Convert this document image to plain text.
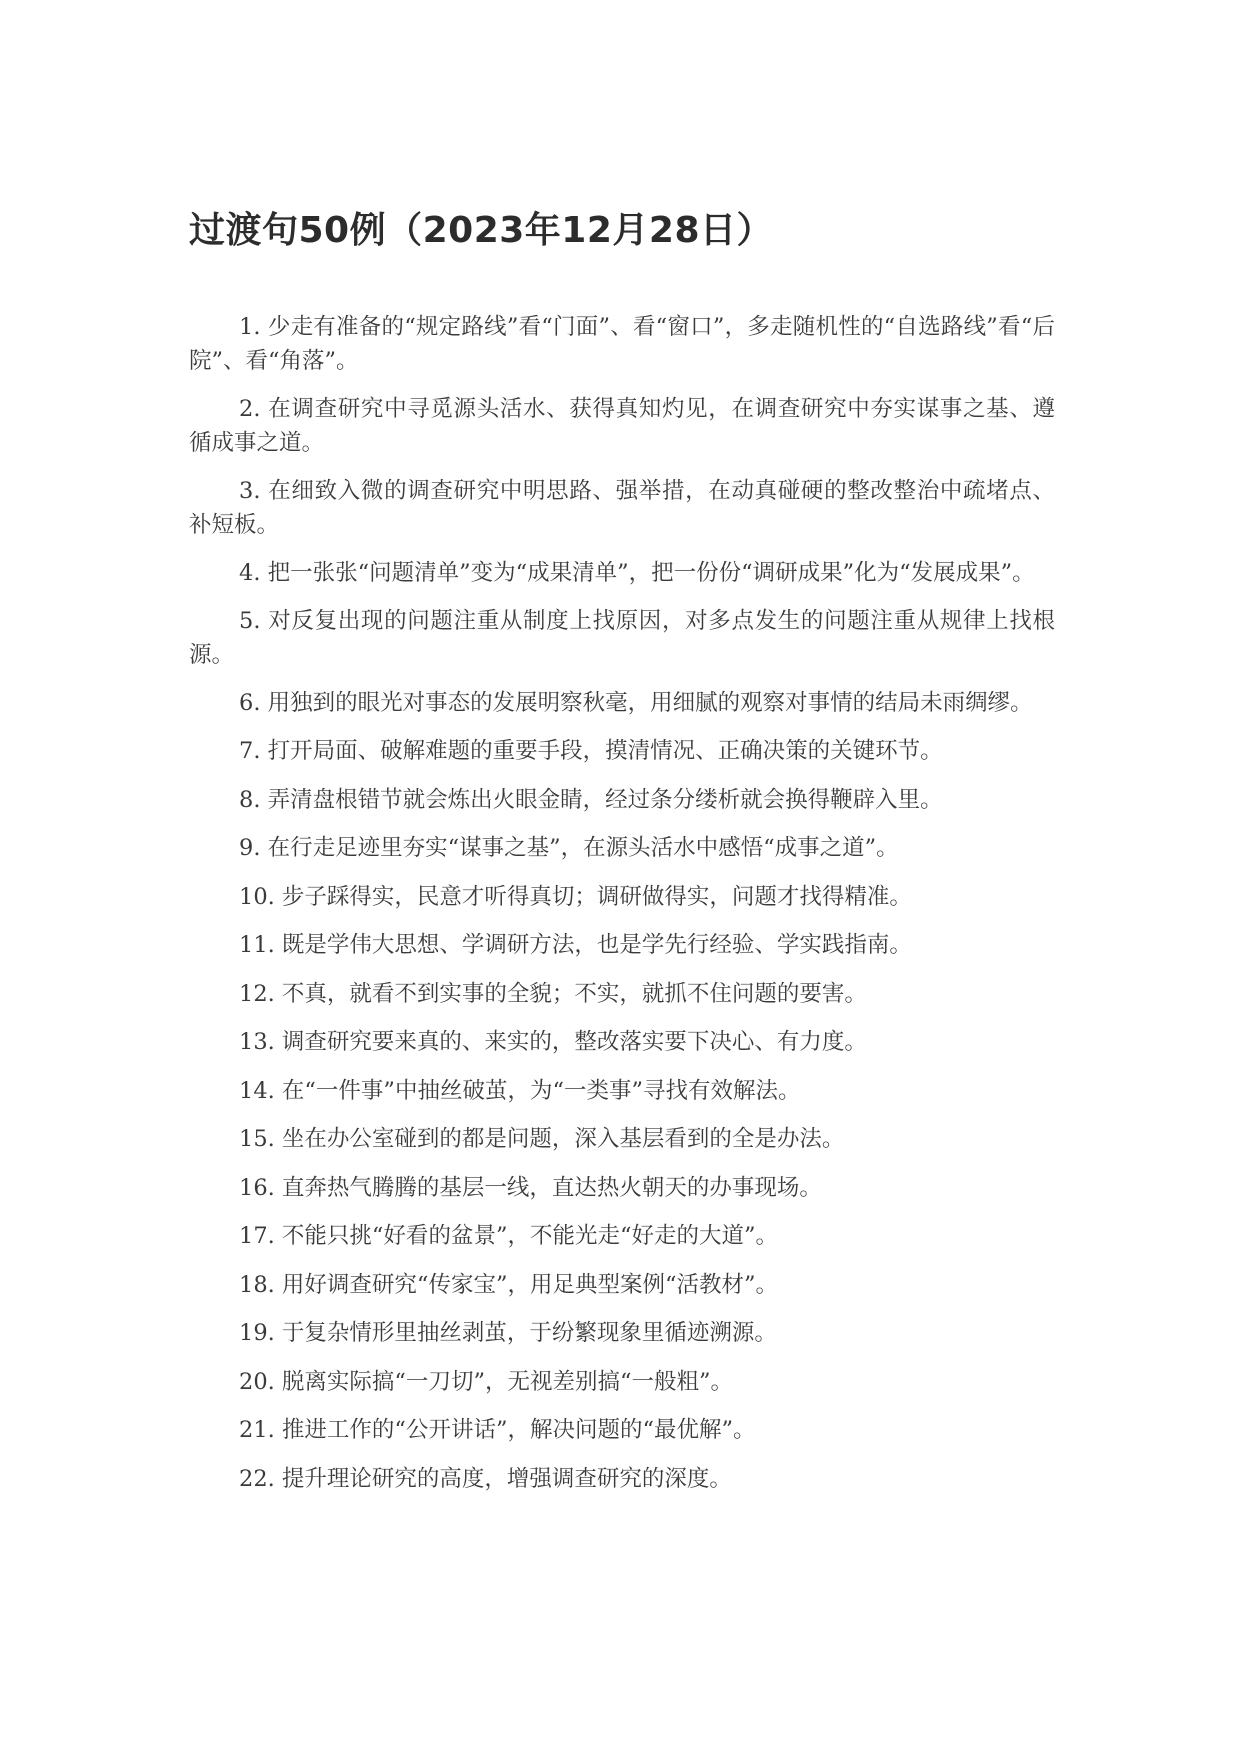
过渡句50例（2023年12月28日）
1. 少走有准备的“规定路线”看“门面”、看“窗口”，多走随机性的“自选路线”看“后院”、看“角落”。
2. 在调查研究中寻觅源头活水、获得真知灼见，在调查研究中夯实谋事之基、遵循成事之道。
3. 在细致入微的调查研究中明思路、强举措，在动真碰硬的整改整治中疏堵点、补短板。
4. 把一张张“问题清单”变为“成果清单”，把一份份“调研成果”化为“发展成果”。
5. 对反复出现的问题注重从制度上找原因，对多点发生的问题注重从规律上找根源。
6. 用独到的眼光对事态的发展明察秋毫，用细腻的观察对事情的结局未雨绸缪。
7. 打开局面、破解难题的重要手段，摸清情况、正确决策的关键环节。
8. 弄清盘根错节就会炼出火眼金睛，经过条分缕析就会换得鞭辟入里。
9. 在行走足迹里夯实“谋事之基”，在源头活水中感悟“成事之道”。
10. 步子踩得实，民意才听得真切；调研做得实，问题才找得精准。
11. 既是学伟大思想、学调研方法，也是学先行经验、学实践指南。
12. 不真，就看不到实事的全貌；不实，就抓不住问题的要害。
13. 调查研究要来真的、来实的，整改落实要下决心、有力度。
14. 在“一件事”中抽丝破茧，为“一类事”寻找有效解法。
15. 坐在办公室碰到的都是问题，深入基层看到的全是办法。
16. 直奔热气腾腾的基层一线，直达热火朝天的办事现场。
17. 不能只挑“好看的盆景”，不能光走“好走的大道”。
18. 用好调查研究“传家宝”，用足典型案例“活教材”。
19. 于复杂情形里抽丝剥茧，于纷繁现象里循迹溯源。
20. 脱离实际搞“一刀切”，无视差别搞“一般粗”。
21. 推进工作的“公开讲话”，解决问题的“最优解”。
22. 提升理论研究的高度，增强调查研究的深度。
